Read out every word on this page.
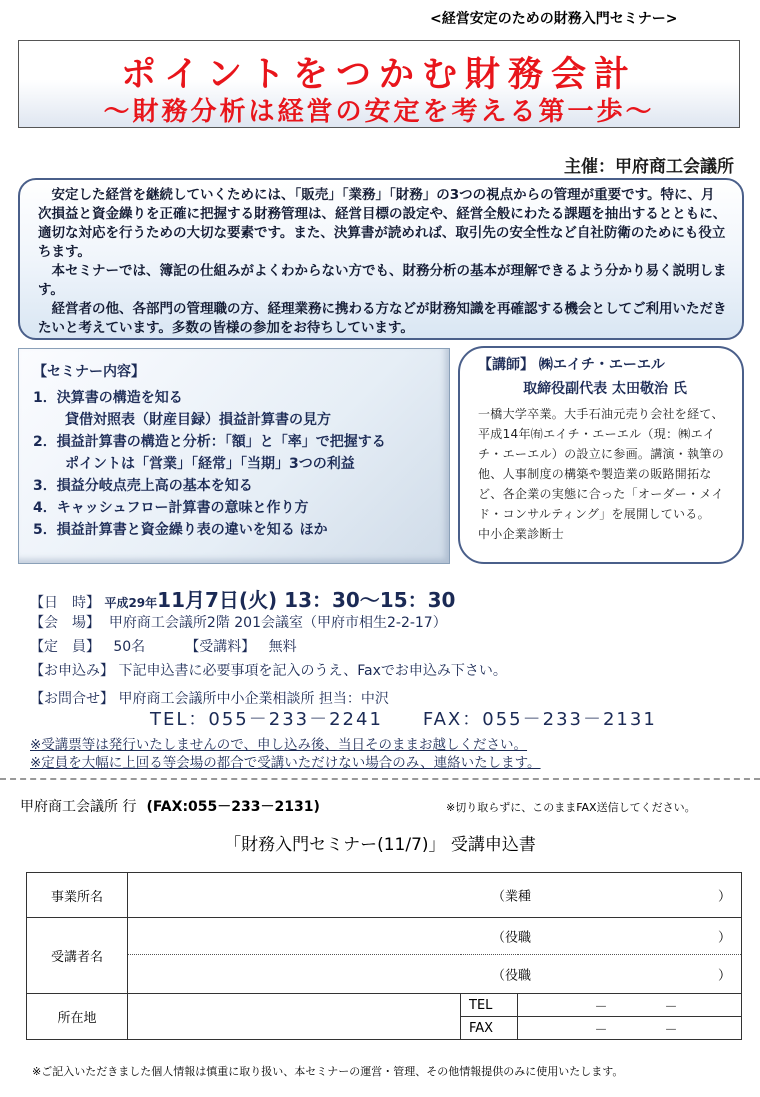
<経営安定のための財務入門セミナー>
ポイントをつかむ財務会計
～財務分析は経営の安定を考える第一歩～
主催：甲府商工会議所

　安定した経営を継続していくためには、「販売」「業務」「財務」の3つの視点からの管理が重要です。特に、月次損益と資金繰りを正確に把握する財務管理は、経営目標の設定や、経営全般にわたる課題を抽出するとともに、適切な対応を行うための大切な要素です。また、決算書が読めれば、取引先の安全性など自社防衛のためにも役立ちます。

　本セミナーでは、簿記の仕組みがよくわからない方でも、財務分析の基本が理解できるよう分かり易く説明します。

　経営者の他、各部門の管理職の方、経理業務に携わる方などが財務知識を再確認する機会としてご利用いただきたいと考えています。多数の皆様の参加をお待ちしています。

【セミナー内容】
1．決算書の構造を知る
貸借対照表（財産目録）損益計算書の見方
2．損益計算書の構造と分析：「額」と「率」で把握する
ポイントは「営業」「経常」「当期」3つの利益
3．損益分岐点売上高の基本を知る
4．キャッシュフロー計算書の意味と作り方
5．損益計算書と資金繰り表の違いを知る ほか
【講師】 ㈱エイチ・エーエル
取締役副代表 太田敬治 氏
一橋大学卒業。大手石油元売り会社を経て、平成14年㈲エイチ・エーエル（現：㈱エイチ・エーエル）の設立に参画。講演・執筆の他、人事制度の構築や製造業の販路開拓など、各企業の実態に合った「オーダー・メイド・コンサルティング」を展開している。
中小企業診断士
【日　時】 平成29年11月7日(火) 13：30～15：30
【会　場】 甲府商工会議所2階 201会議室（甲府市相生2-2-17）
【定　員】 50名	【受講料】 無料
【お申込み】 下記申込書に必要事項を記入のうえ、Faxでお申込み下さい。
【お問合せ】 甲府商工会議所中小企業相談所 担当：中沢
TEL：055－233－2241　　FAX：055－233－2131
※受講票等は発行いたしませんので、申し込み後、当日そのままお越しください。
※定員を大幅に上回る等会場の都合で受講いただけない場合のみ、連絡いたします。
甲府商工会議所 行 (FAX:055－233－2131)	※切り取らずに、このままFAX送信してください。
「財務入門セミナー(11/7)」 受講申込書
事業所名	（業種 ）		

受講者名	（役職 ）		

	（役職 ）		

所在地		TEL	－ －
		FAX	－ －
※ご記入いただきました個人情報は慎重に取り扱い、本セミナーの運営・管理、その他情報提供のみに使用いたします。
